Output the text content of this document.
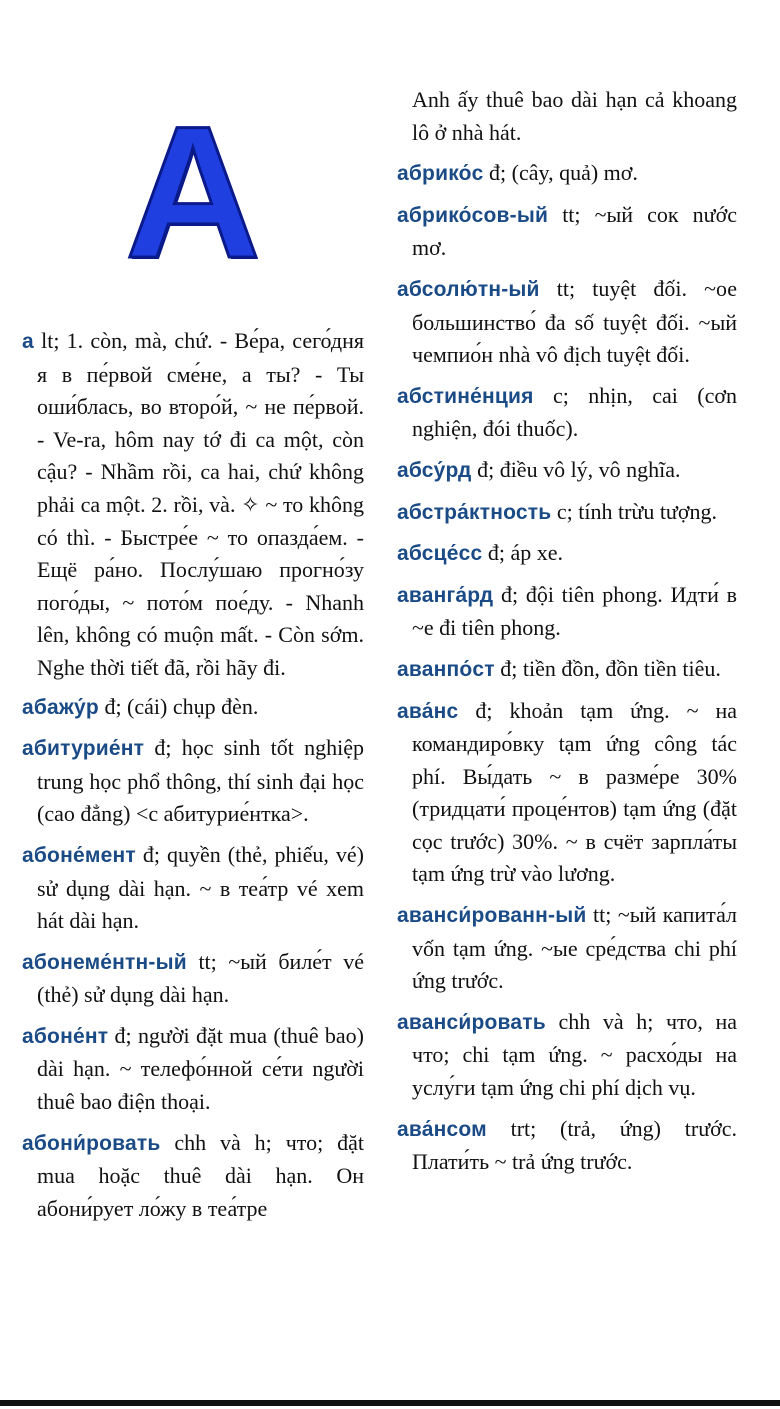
А

а lt; 1. còn, mà, chứ. - Ве́ра, сего́дня я в пе́рвой сме́не, а ты? - Ты оши́блась, во второ́й, ~ не пе́рвой. - Ve-ra, hôm nay tớ đi ca một, còn cậu? - Nhầm rồi, ca hai, chứ không phải ca một. 2. rồi, và. ✧ ~ то không có thì. - Быстре́е ~ то опазда́ем. - Ещё ра́но. Послу́шаю прогно́зу пого́ды, ~ пото́м пое́ду. - Nhanh lên, không có muộn mất. - Còn sớm. Nghe thời tiết đã, rồi hãy đi.

абажу́р đ; (cái) chụp đèn.

абитурие́нт đ; học sinh tốt nghiệp trung học phổ thông, thí sinh đại học (cao đẳng) <c абитурие́нтка>.

абоне́мент đ; quyền (thẻ, phiếu, vé) sử dụng dài hạn. ~ в теа́тр vé xem hát dài hạn.

абонеме́нтн-ый tt; ~ый биле́т vé (thẻ) sử dụng dài hạn.

абоне́нт đ; người đặt mua (thuê bao) dài hạn. ~ телефо́нной се́ти người thuê bao điện thoại.

абони́ровать chh và h; что; đặt mua hoặc thuê dài hạn. Он абони́рует ло́жу в теа́тре

Anh ấy thuê bao dài hạn cả khoang lô ở nhà hát.

абрико́с đ; (cây, quả) mơ.

абрико́сов-ый tt; ~ый сок nước mơ.

абсолю́тн-ый tt; tuyệt đối. ~ое большинство́ đa số tuyệt đối. ~ый чемпио́н nhà vô địch tuyệt đối.

абстине́нция c; nhịn, cai (cơn nghiện, đói thuốc).

абсу́рд đ; điều vô lý, vô nghĩa.

абстра́ктность c; tính trừu tượng.

абсце́сс đ; áp xe.

аванга́рд đ; đội tiên phong. Идти́ в ~е đi tiên phong.

аванпо́ст đ; tiền đồn, đồn tiền tiêu.

ава́нс đ; khoản tạm ứng. ~ на командиро́вку tạm ứng công tác phí. Вы́дать ~ в разме́ре 30% (тридцати́ проце́нтов) tạm ứng (đặt cọc trước) 30%. ~ в счёт зарпла́ты tạm ứng trừ vào lương.

аванси́рованн-ый tt; ~ый капита́л vốn tạm ứng. ~ые сре́дства chi phí ứng trước.

аванси́ровать chh và h; что, на что; chi tạm ứng. ~ расхо́ды на услу́ги tạm ứng chi phí dịch vụ.

ава́нсом trt; (trả, ứng) trước. Плати́ть ~ trả ứng trước.
